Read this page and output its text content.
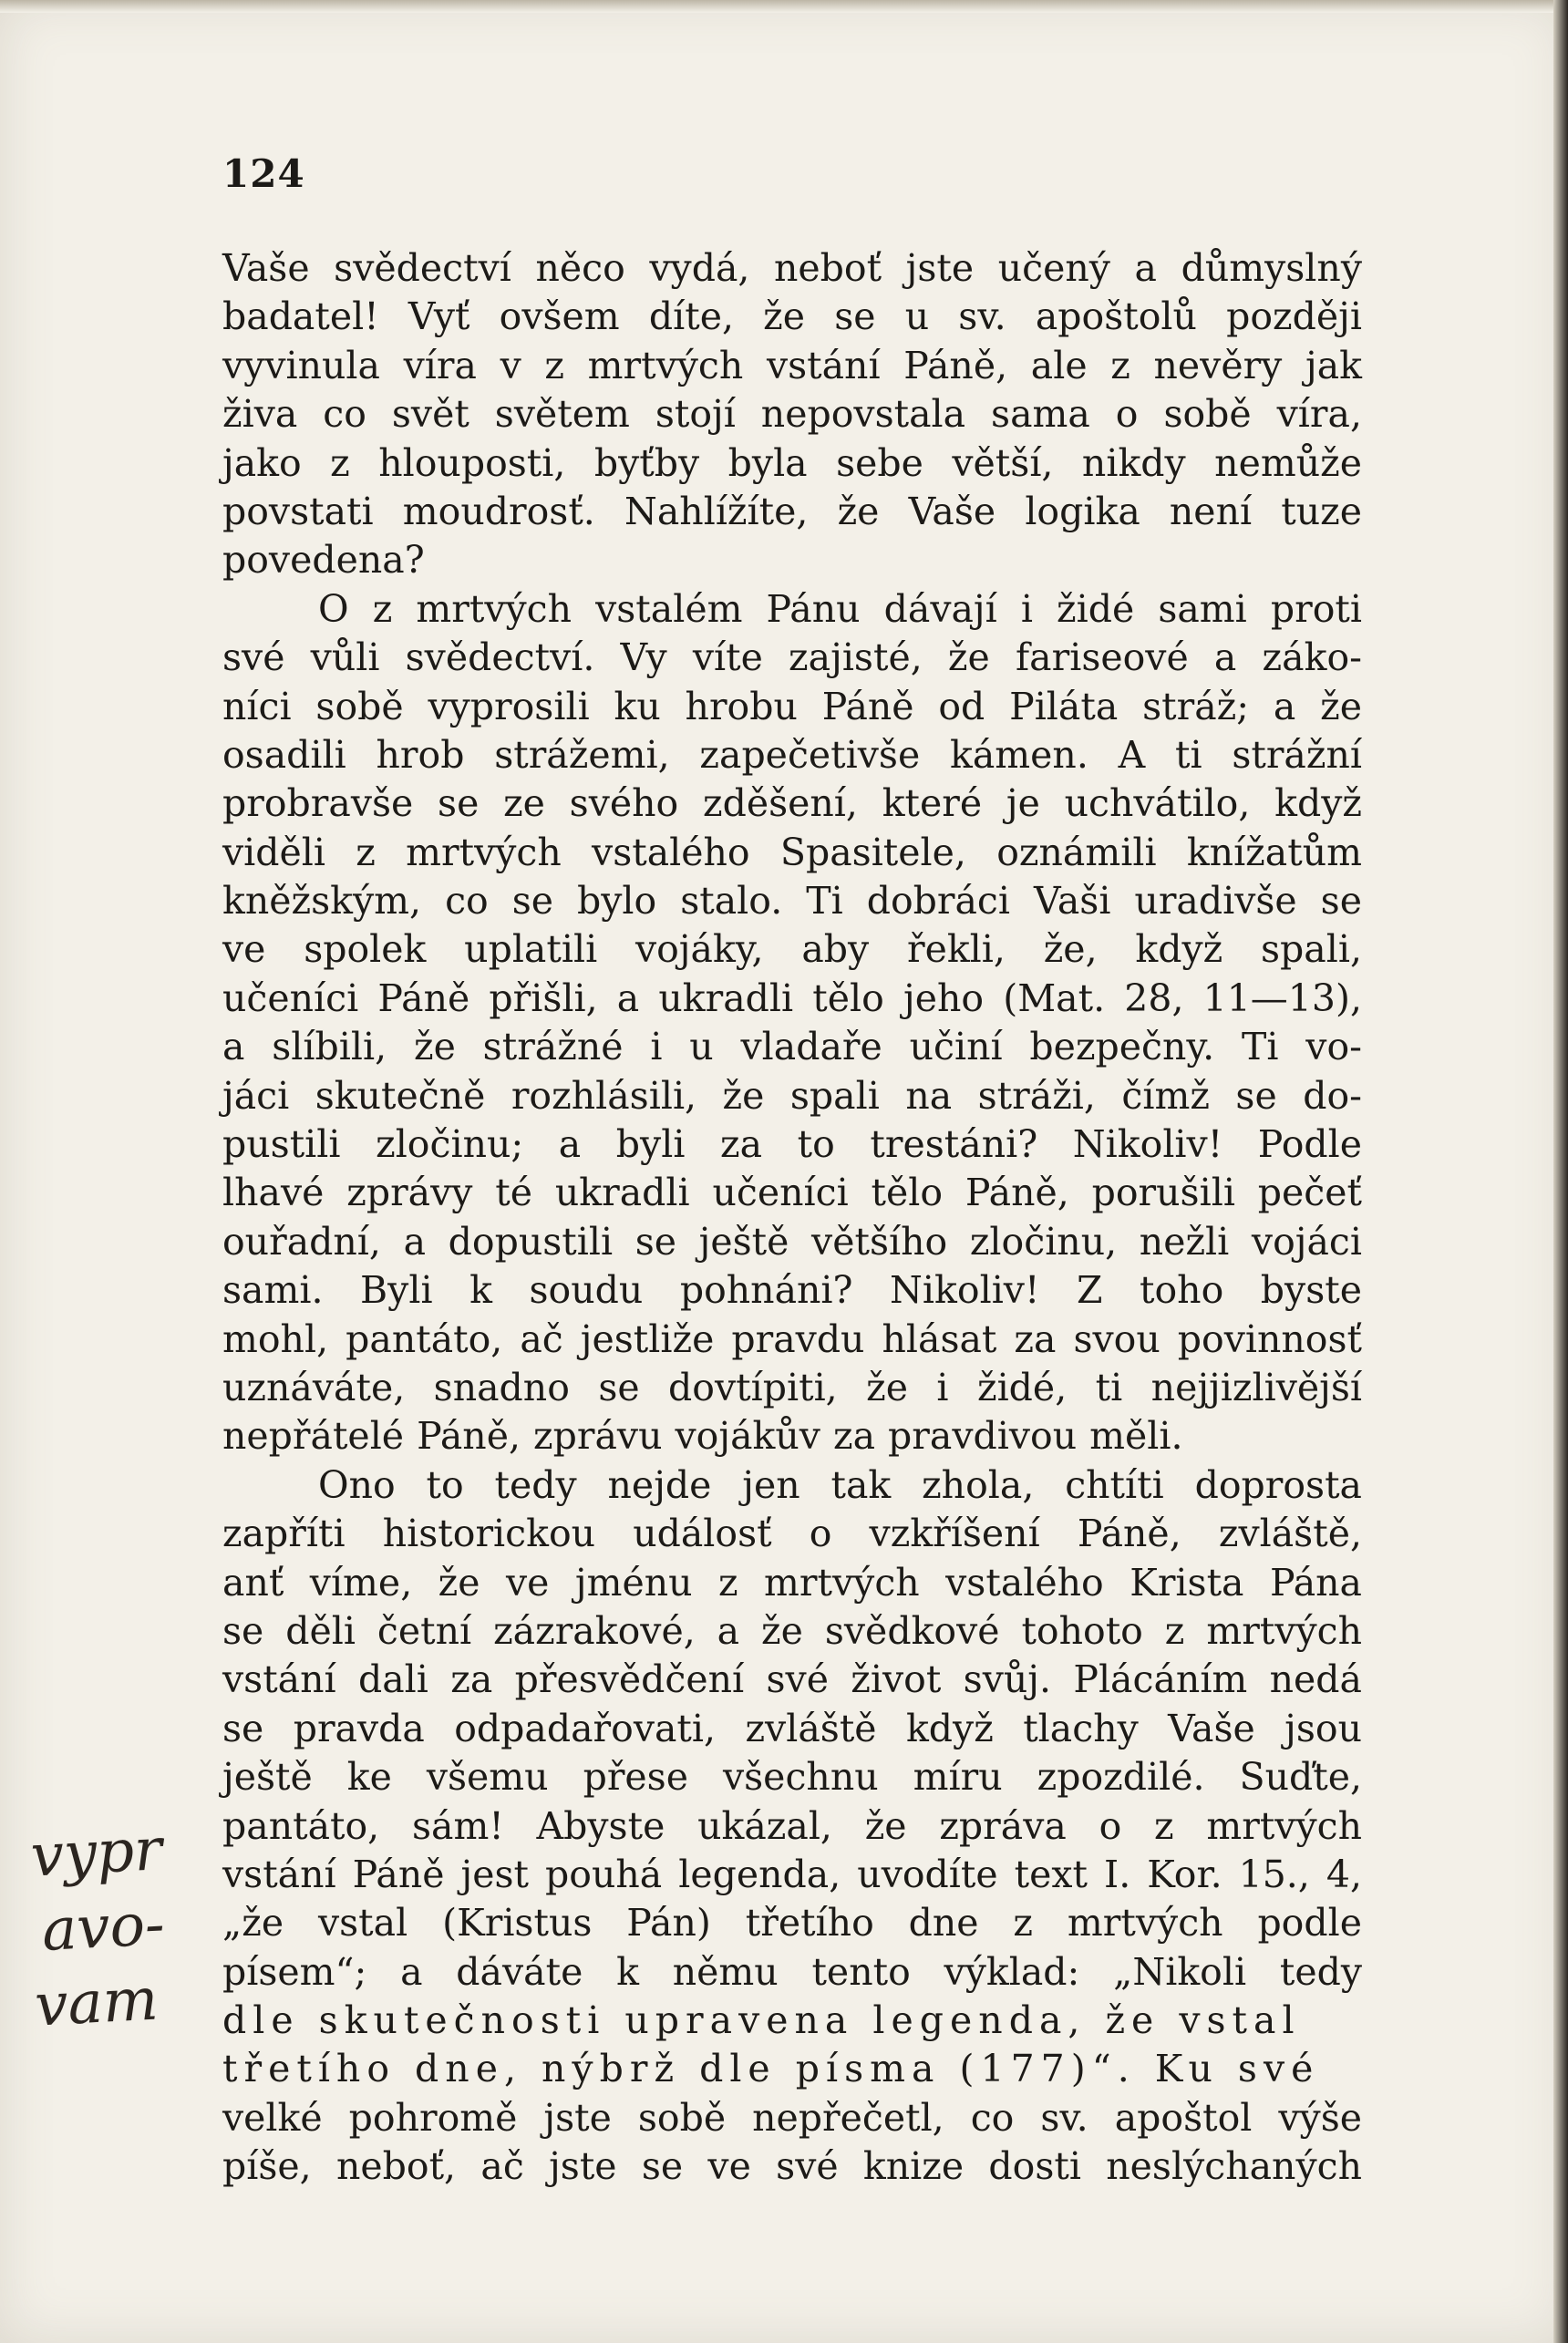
124
Vaše svědectví něco vydá, neboť jste učený a důmyslný
badatel! Vyť ovšem díte, že se u sv. apoštolů později
vyvinula víra v z mrtvých vstání Páně, ale z nevěry jak
živa co svět světem stojí nepovstala sama o sobě víra,
jako z hlouposti, byťby byla sebe větší, nikdy nemůže
povstati moudrosť. Nahlížíte, že Vaše logika není tuze
povedena?
O z mrtvých vstalém Pánu dávají i židé sami proti
své vůli svědectví. Vy víte zajisté, že fariseové a záko-
níci sobě vyprosili ku hrobu Páně od Piláta stráž; a že
osadili hrob strážemi, zapečetivše kámen. A ti strážní
probravše se ze svého zděšení, které je uchvátilo, když
viděli z mrtvých vstalého Spasitele, oznámili knížatům
kněžským, co se bylo stalo. Ti dobráci Vaši uradivše se
ve spolek uplatili vojáky, aby řekli, že, když spali,
učeníci Páně přišli, a ukradli tělo jeho (Mat. 28, 11—13),
a slíbili, že strážné i u vladaře učiní bezpečny. Ti vo-
jáci skutečně rozhlásili, že spali na stráži, čímž se do-
pustili zločinu; a byli za to trestáni? Nikoliv! Podle
lhavé zprávy té ukradli učeníci tělo Páně, porušili pečeť
ouřadní, a dopustili se ještě většího zločinu, nežli vojáci
sami. Byli k soudu pohnáni? Nikoliv! Z toho byste
mohl, pantáto, ač jestliže pravdu hlásat za svou povinnosť
uznáváte, snadno se dovtípiti, že i židé, ti nejjizlivější
nepřátelé Páně, zprávu vojákův za pravdivou měli.
Ono to tedy nejde jen tak zhola, chtíti doprosta
zapříti historickou událosť o vzkříšení Páně, zvláště,
anť víme, že ve jménu z mrtvých vstalého Krista Pána
se děli četní zázrakové, a že svědkové tohoto z mrtvých
vstání dali za přesvědčení své život svůj. Plácáním nedá
se pravda odpadařovati, zvláště když tlachy Vaše jsou
ještě ke všemu přese všechnu míru zpozdilé. Suďte,
pantáto, sám! Abyste ukázal, že zpráva o z mrtvých
vstání Páně jest pouhá legenda, uvodíte text I. Kor. 15., 4,
„že vstal (Kristus Pán) třetího dne z mrtvých podle
písem“; a dáváte k němu tento výklad: „Nikoli tedy
dle skutečnosti upravena legenda, že vstal
třetího dne, nýbrž dle písma (177)“. Ku své
velké pohromě jste sobě nepřečetl, co sv. apoštol výše
píše, neboť, ač jste se ve své knize dosti neslýchaných
vypr
avo-
vam
